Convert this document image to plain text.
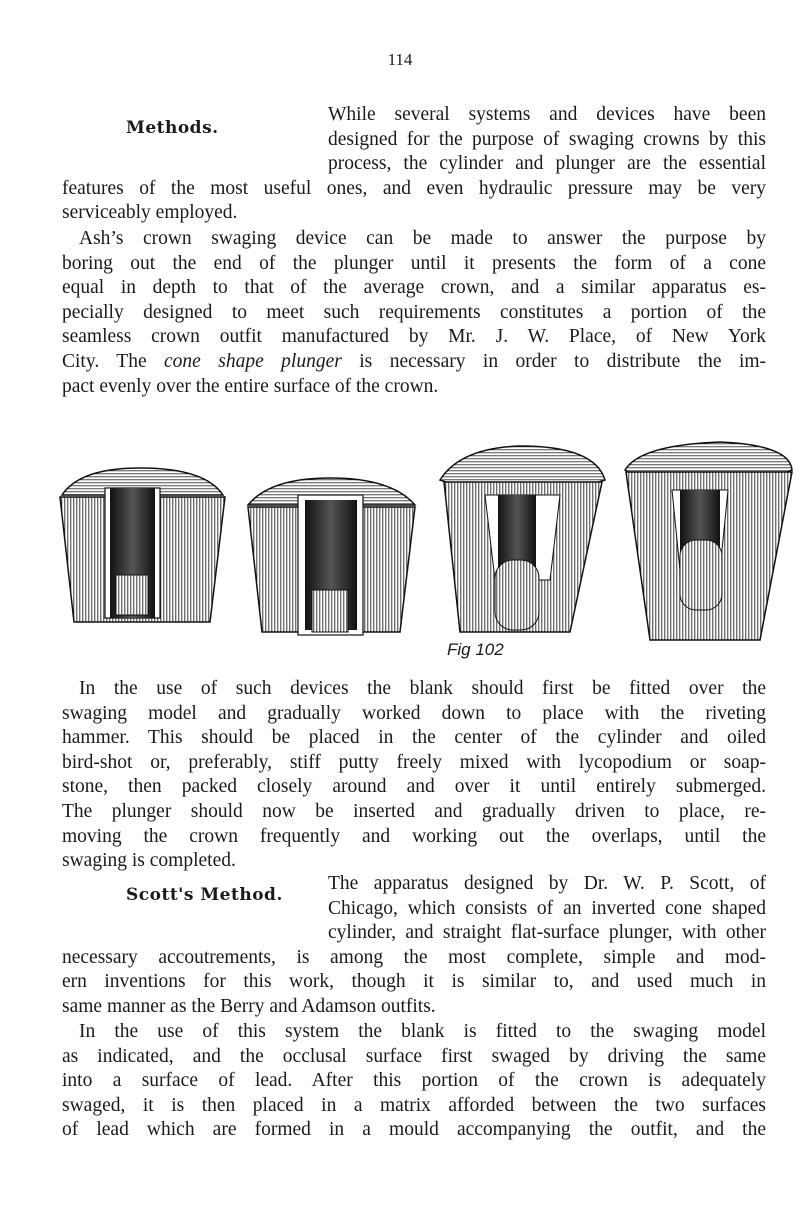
114
Methods.
While several systems and devices have been
designed for the purpose of swaging crowns by this
process, the cylinder and plunger are the essential
features of the most useful ones, and even hydraulic pressure may be very
serviceably employed.
Ash’s crown swaging device can be made to answer the purpose by
boring out the end of the plunger until it presents the form of a cone
equal in depth to that of the average crown, and a similar apparatus es-
pecially designed to meet such requirements constitutes a portion of the
seamless crown outfit manufactured by Mr. J. W. Place, of New York
City. The cone shape plunger is necessary in order to distribute the im-
pact evenly over the entire surface of the crown.
Fig 102
In the use of such devices the blank should first be fitted over the
swaging model and gradually worked down to place with the riveting
hammer. This should be placed in the center of the cylinder and oiled
bird-shot or, preferably, stiff putty freely mixed with lycopodium or soap-
stone, then packed closely around and over it until entirely submerged.
The plunger should now be inserted and gradually driven to place, re-
moving the crown frequently and working out the overlaps, until the
swaging is completed.
Scott's Method.
The apparatus designed by Dr. W. P. Scott, of
Chicago, which consists of an inverted cone shaped
cylinder, and straight flat-surface plunger, with other
necessary accoutrements, is among the most complete, simple and mod-
ern inventions for this work, though it is similar to, and used much in
same manner as the Berry and Adamson outfits.
In the use of this system the blank is fitted to the swaging model
as indicated, and the occlusal surface first swaged by driving the same
into a surface of lead. After this portion of the crown is adequately
swaged, it is then placed in a matrix afforded between the two surfaces
of lead which are formed in a mould accompanying the outfit, and the
